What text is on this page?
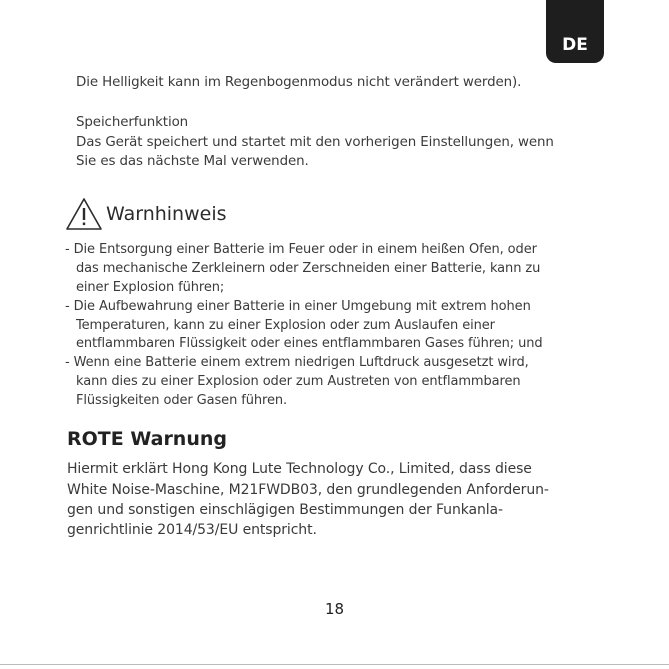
DE
Die Helligkeit kann im Regenbogenmodus nicht verändert werden).
Speicherfunktion
Das Gerät speichert und startet mit den vorherigen Einstellungen, wenn
Sie es das nächste Mal verwenden.
Warnhinweis
- Die Entsorgung einer Batterie im Feuer oder in einem heißen Ofen, oder
das mechanische Zerkleinern oder Zerschneiden einer Batterie, kann zu
einer Explosion führen;
- Die Aufbewahrung einer Batterie in einer Umgebung mit extrem hohen
Temperaturen, kann zu einer Explosion oder zum Auslaufen einer
entflammbaren Flüssigkeit oder eines entflammbaren Gases führen; und
- Wenn eine Batterie einem extrem niedrigen Luftdruck ausgesetzt wird,
kann dies zu einer Explosion oder zum Austreten von entflammbaren
Flüssigkeiten oder Gasen führen.
ROTE Warnung
Hiermit erklärt Hong Kong Lute Technology Co., Limited, dass diese
White Noise-Maschine, M21FWDB03, den grundlegenden Anforderun-
gen und sonstigen einschlägigen Bestimmungen der Funkanla-
genrichtlinie 2014/53/EU entspricht.
18
